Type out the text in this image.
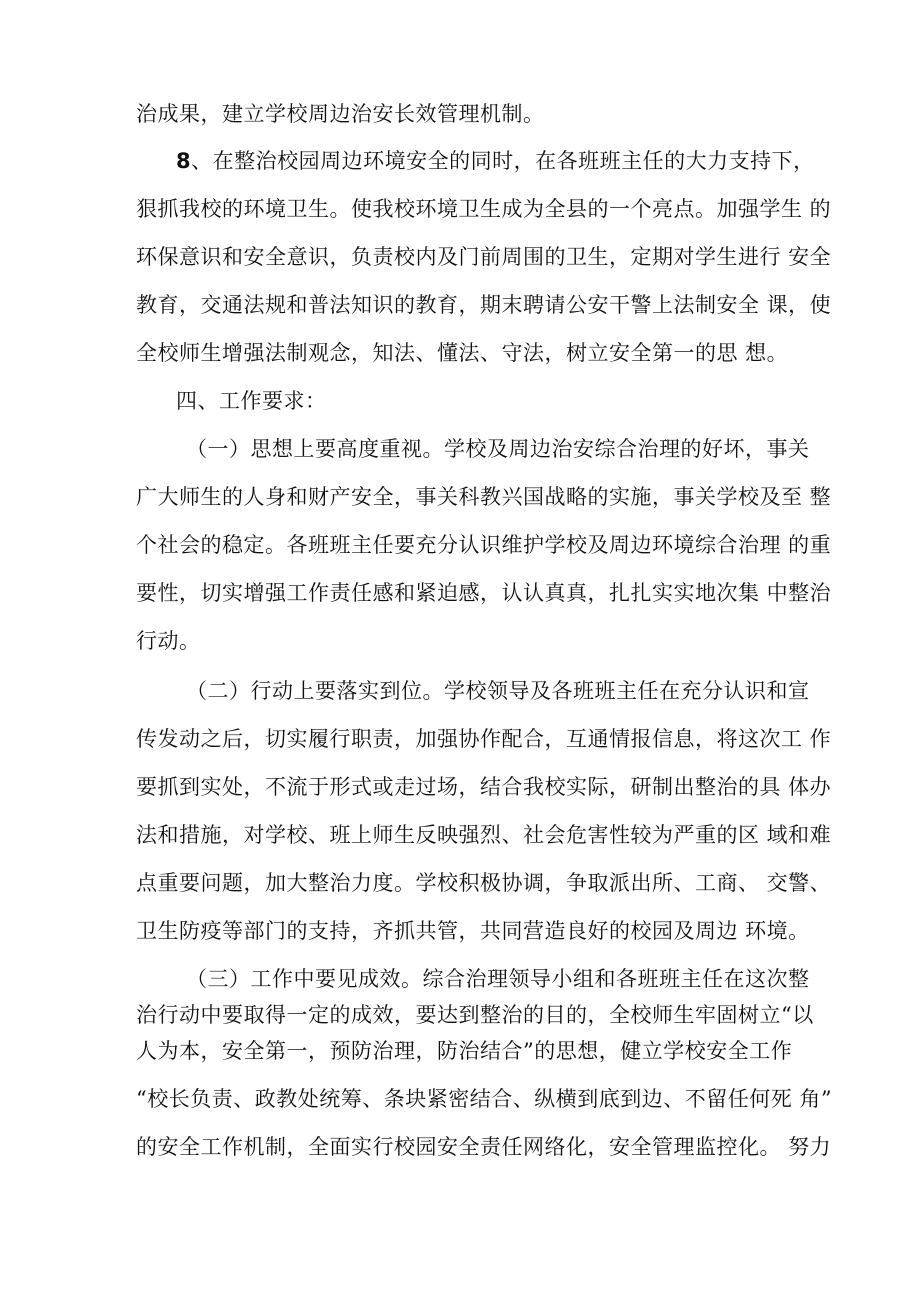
治成果，建立学校周边治安长效管理机制。
8、在整治校园周边环境安全的同时，在各班班主任的大力支持下，
狠抓我校的环境卫生。使我校环境卫生成为全县的一个亮点。加强学生 的
环保意识和安全意识，负责校内及门前周围的卫生，定期对学生进行 安全
教育，交通法规和普法知识的教育，期末聘请公安干警上法制安全 课，使
全校师生增强法制观念，知法、懂法、守法，树立安全第一的思 想。
四、工作要求：
（一）思想上要高度重视。学校及周边治安综合治理的好坏，事关
广大师生的人身和财产安全，事关科教兴国战略的实施，事关学校及至 整
个社会的稳定。各班班主任要充分认识维护学校及周边环境综合治理 的重
要性，切实增强工作责任感和紧迫感，认认真真，扎扎实实地次集 中整治
行动。
（二）行动上要落实到位。学校领导及各班班主任在充分认识和宣
传发动之后，切实履行职责，加强协作配合，互通情报信息，将这次工 作
要抓到实处，不流于形式或走过场，结合我校实际，研制出整治的具 体办
法和措施，对学校、班上师生反映强烈、社会危害性较为严重的区 域和难
点重要问题，加大整治力度。学校积极协调，争取派出所、工商、 交警、
卫生防疫等部门的支持，齐抓共管，共同营造良好的校园及周边 环境。
（三）工作中要见成效。综合治理领导小组和各班班主任在这次整
治行动中要取得一定的成效，要达到整治的目的，全校师生牢固树立“以
人为本，安全第一，预防治理，防治结合”的思想，健立学校安全工作
“校长负责、政教处统筹、条块紧密结合、纵横到底到边、不留任何死 角”
的安全工作机制，全面实行校园安全责任网络化，安全管理监控化。 努力
